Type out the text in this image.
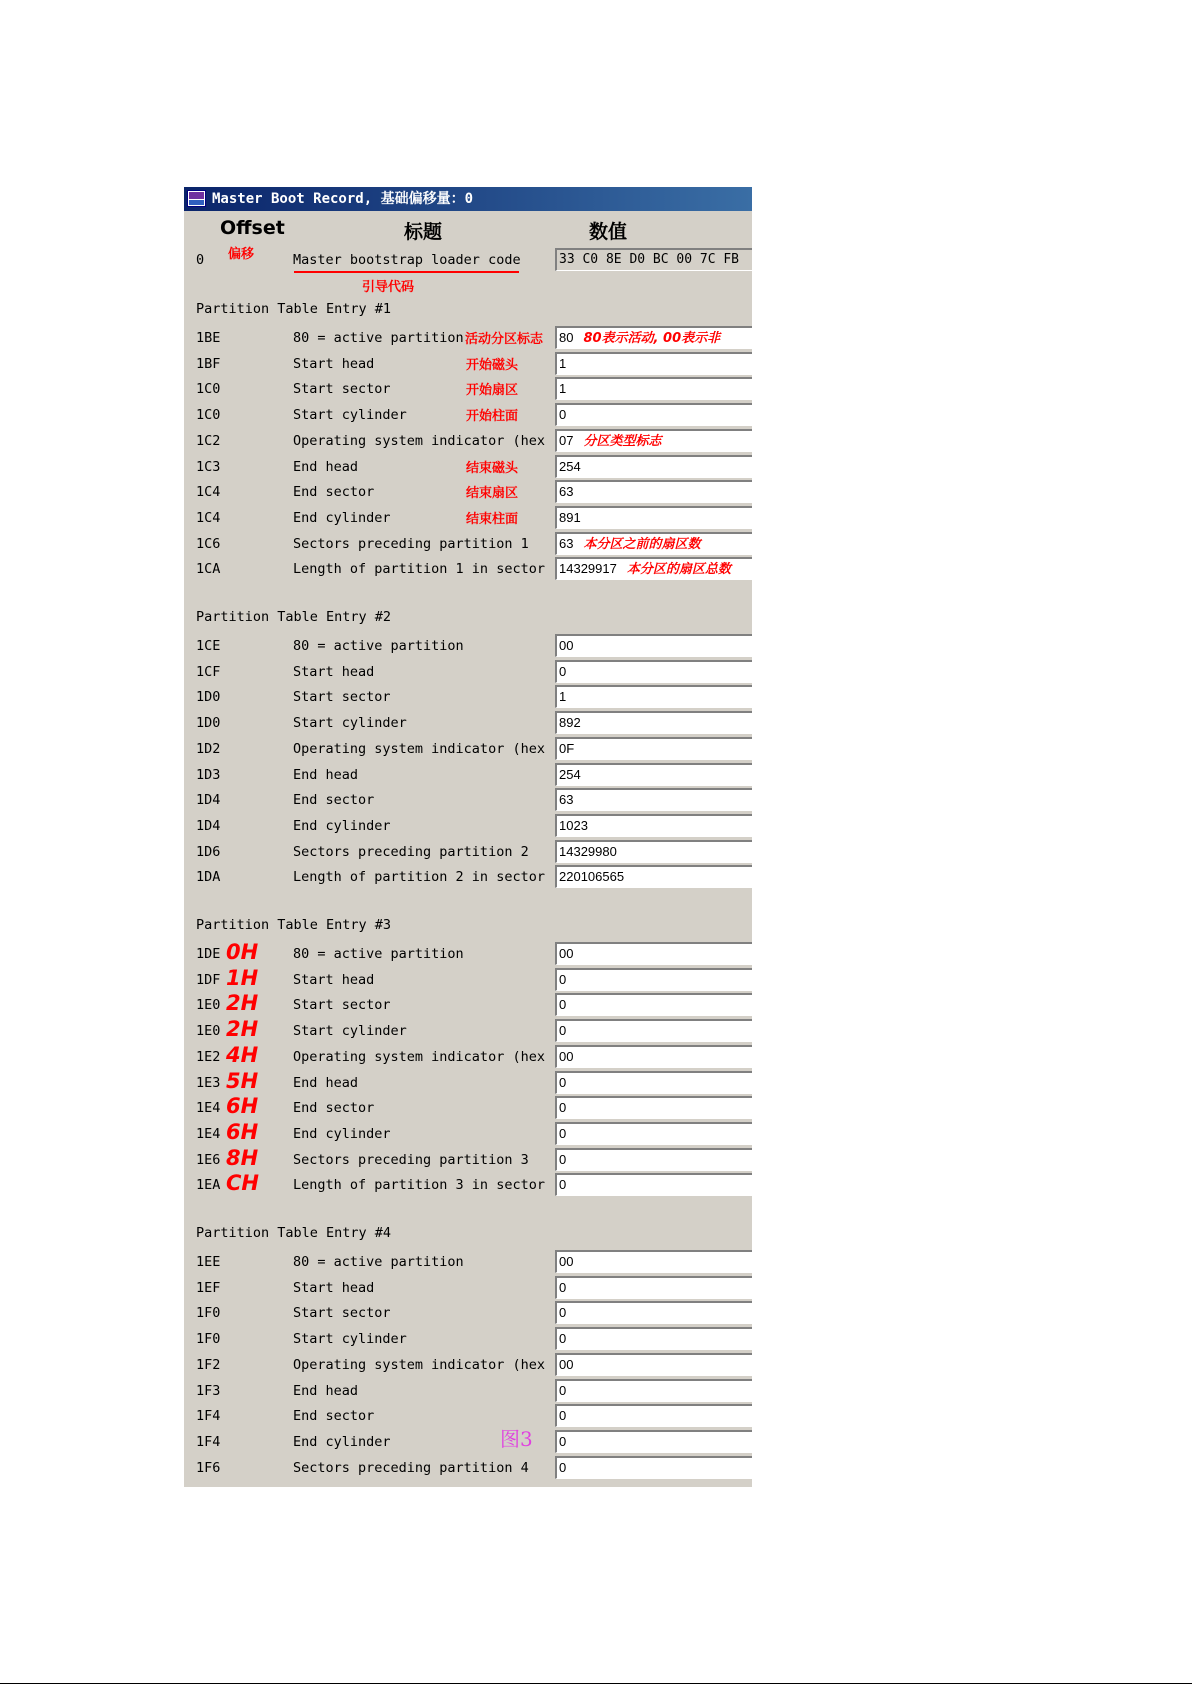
Master Boot Record, 基础偏移量：0
Offset	标题	数值
0	Master bootstrap loader code	33 C0 8E D0 BC 00 7C FB
偏移
引导代码
Partition Table Entry #1
1BE	80 = active partition 活动分区标志	80 80表示活动, 00表示非
1BF	Start head	开始磁头	1
1C0	Start sector	开始扇区	1
1C0	Start cylinder	开始柱面	0
1C2	Operating system indicator (hex	07 分区类型标志
1C3	End head	结束磁头	254
1C4	End sector	结束扇区	63
1C4	End cylinder	结束柱面	891
1C6	Sectors preceding partition 1	63 本分区之前的扇区数
1CA	Length of partition 1 in sector	14329917 本分区的扇区总数
Partition Table Entry #2
1CE	80 = active partition	00
1CF	Start head	0
1D0	Start sector	1
1D0	Start cylinder	892
1D2	Operating system indicator (hex	0F
1D3	End head	254
1D4	End sector	63
1D4	End cylinder	1023
1D6	Sectors preceding partition 2	14329980
1DA	Length of partition 2 in sector	220106565
Partition Table Entry #3
1DE 0H	80 = active partition	00
1DF 1H	Start head	0
1E0 2H	Start sector	0
1E0 2H	Start cylinder	0
1E2 4H	Operating system indicator (hex	00
1E3 5H	End head	0
1E4 6H	End sector	0
1E4 6H	End cylinder	0
1E6 8H	Sectors preceding partition 3	0
1EA CH	Length of partition 3 in sector	0
Partition Table Entry #4
1EE	80 = active partition	00
1EF	Start head	0
1F0	Start sector	0
1F0	Start cylinder	0
1F2	Operating system indicator (hex	00
1F3	End head	0
1F4	End sector	0
1F4	End cylinder	0
1F6	Sectors preceding partition 4	0
图3
